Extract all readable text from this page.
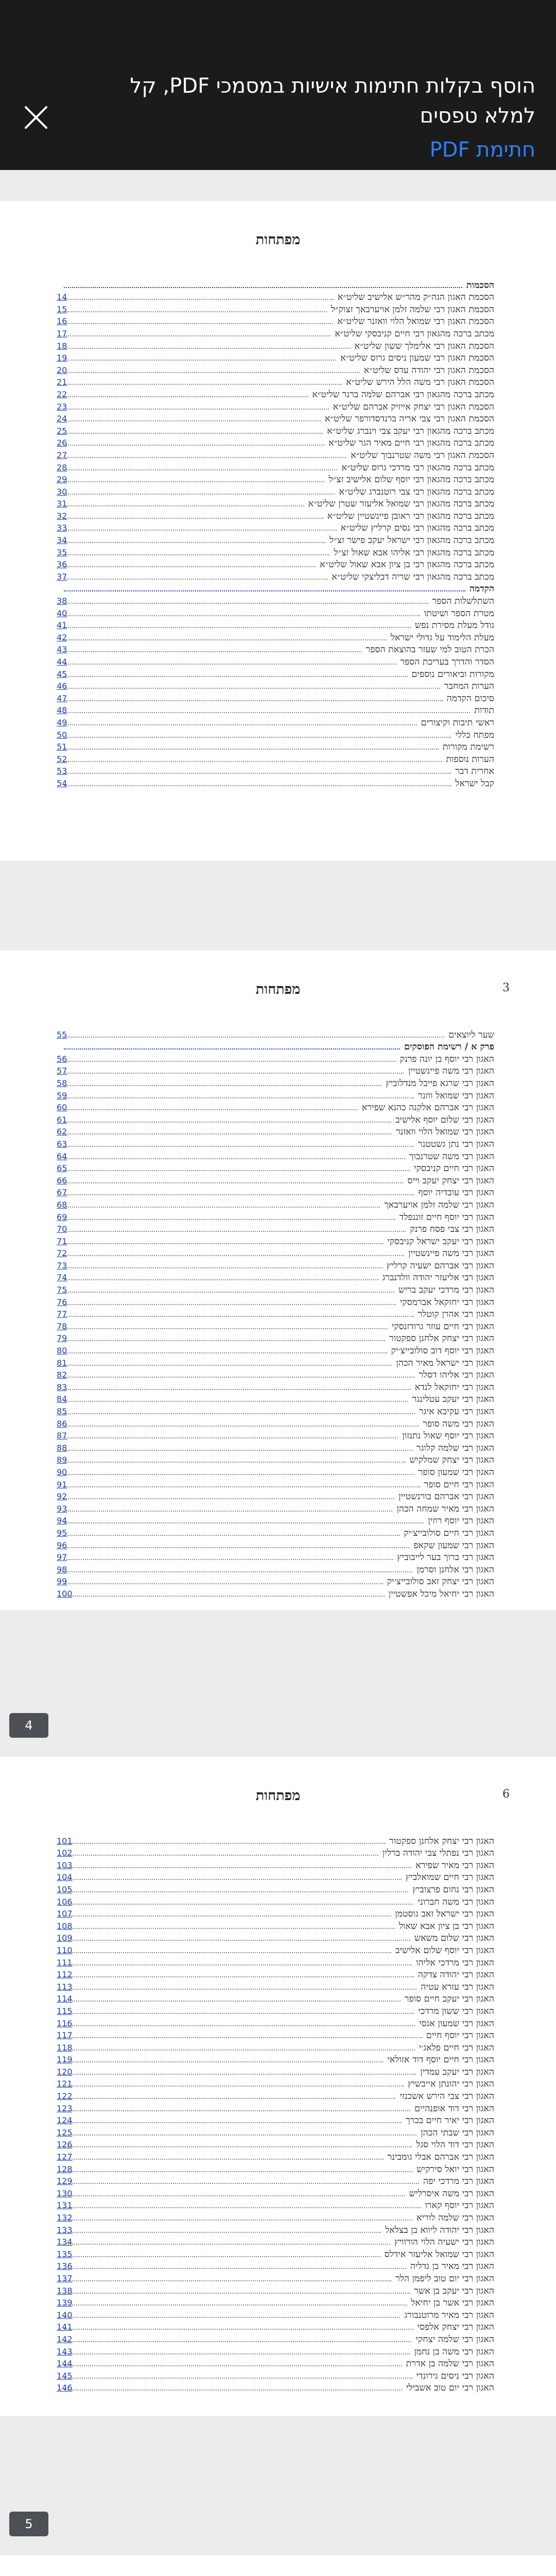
הוסף בקלות חתימות אישיות במסמכי PDF, קל למלא טפסים
חתימת PDF
מפתחות
הסכמות
הסכמת האגון הגה״ק מהר״ש אלישיב שליט״א
14
הסכמת האגון רבי שלמה זלמן אויערבאך זצוק״ל
15
הסכמת האגון רבי שמואל הלוי וואזנר שליט״א
16
מכתב ברכה מהגאון רבי חיים קניבסקי שליט״א
17
הסכמת האגון רבי אלימלך ששון שליט״א
18
הסכמת האגון רבי שמעון ניסים גרוס שליט״א
19
הסכמת האגון רבי יהודה עדס שליט״א
20
הסכמת האגון רבי משה הלל הירש שליט״א
21
מכתב ברכה מהגאון רבי אברהם שלמה ברנר שליט״א
22
הסכמת האגון רבי יצחק אייזיק אברהם שליט״א
23
הסכמת האגון רבי צבי אריה ברנדסדורפר שליט״א
24
מכתב ברכה מהגאון רבי יעקב צבי וינברג שליט״א
25
מכתב ברכה מהגאון רבי חיים מאיר הגר שליט״א
26
הסכמת האגון רבי משה שטרנבוך שליט״א
27
מכתב ברכה מהגאון רבי מרדכי גרוס שליט״א
28
מכתב ברכה מהגאון רבי יוסף שלום אלישיב זצ״ל
29
מכתב ברכה מהגאון רבי צבי רוטנברג שליט״א
30
מכתב ברכה מהגאון רבי שמואל אליעזר שטרן שליט״א
31
מכתב ברכה מהגאון רבי ראובן פיינשטיין שליט״א
32
מכתב ברכה מהגאון רבי נסים קרליץ שליט״א
33
מכתב ברכה מהגאון רבי ישראל יעקב פישר זצ״ל
34
מכתב ברכה מהגאון רבי אליהו אבא שאול זצ״ל
35
מכתב ברכה מהגאון רבי בן ציון אבא שאול שליט״א
36
מכתב ברכה מהגאון רבי שריה דבליצקי שליט״א
37
הקדמה
השתלשלות הספר
38
מטרת הספר ושיטתו
40
גודל מעלת מסירת נפש
41
מעלת הלימוד על גדולי ישראל
42
הכרת הטוב למי שעזר בהוצאת הספר
43
הסדר והדרך בעריכת הספר
44
מקורות וביאורים נוספים
45
הערות המחבר
46
סיכום הקדמה
47
תודות
48
ראשי תיבות וקיצורים
49
מפתח כללי
50
רשימת מקורות
51
הערות נוספות
52
אחרית דבר
53
קבל ישראל
54
מפתחות	3
שער ליוצאים
55
פרק א / רשימת הפוסקים
האגון רבי יוסף בן יונה פרנק
56
האגון רבי משה פיינשטיין
57
האגון רבי שרגא פייבל מנדלוביץ
58
האגון רבי שמואל ווזנר
59
האגון רבי אברהם אלקנה כהנא שפירא
60
האגון רבי שלום יוסף אלישיב
61
האגון רבי שמואל הלוי וואזנר
62
האגון רבי נתן גשטטנר
63
האגון רבי משה שטרנבוך
64
האגון רבי חיים קניבסקי
65
האגון רבי יצחק יעקב וייס
66
האגון רבי עובדיה יוסף
67
האגון רבי שלמה זלמן אויערבאך
68
האגון רבי יוסף חיים זוננפלד
69
האגון רבי צבי פסח פרנק
70
האגון רבי יעקב ישראל קניבסקי
71
האגון רבי משה פיינשטיין
72
האגון רבי אברהם ישעיה קרליץ
73
האגון רבי אליעזר יהודה וולדנברג
74
האגון רבי מרדכי יעקב בריש
75
האגון רבי יחזקאל אברמסקי
76
האגון רבי אהרן קוטלר
77
האגון רבי חיים עוזר גרודזנסקי
78
האגון רבי יצחק אלחנן ספקטור
79
האגון רבי יוסף דוב סולובייצ׳יק
80
האגון רבי ישראל מאיר הכהן
81
האגון רבי אליהו דסלר
82
האגון רבי יחזקאל לנדא
83
האגון רבי יעקב עטלינגר
84
האגון רבי עקיבא איגר
85
האגון רבי משה סופר
86
האגון רבי יוסף שאול נתנזון
87
האגון רבי שלמה קלוגר
88
האגון רבי יצחק שמלקיש
89
האגון רבי שמעון סופר
90
האגון רבי חיים סופר
91
האגון רבי אברהם בורנשטיין
92
האגון רבי מאיר שמחה הכהן
93
האגון רבי יוסף רוזין
94
האגון רבי חיים סולובייצ׳יק
95
האגון רבי שמעון שקאפ
96
האגון רבי ברוך בער לייבוביץ
97
האגון רבי אלחנן וסרמן
98
האגון רבי יצחק זאב סולובייצ׳יק
99
האגון רבי יחיאל מיכל אפשטיין
100
4
מפתחות	6
האגון רבי יצחק אלחנן ספקטור
101
האגון רבי נפתלי צבי יהודה ברלין
102
האגון רבי מאיר שפירא
103
האגון רבי חיים שמואלביץ
104
האגון רבי נחום פרצוביץ
105
האגון רבי משה חברוני
106
האגון רבי ישראל זאב גוסטמן
107
האגון רבי בן ציון אבא שאול
108
האגון רבי שלום משאש
109
האגון רבי יוסף שלום אלישיב
110
האגון רבי מרדכי אליהו
111
האגון רבי יהודה צדקה
112
האגון רבי עזרא עטיה
113
האגון רבי יעקב חיים סופר
114
האגון רבי ששון מרדכי
115
האגון רבי שמעון אגסי
116
האגון רבי יוסף חיים
117
האגון רבי חיים פלאג׳י
118
האגון רבי חיים יוסף דוד אזולאי
119
האגון רבי יעקב עמדין
120
האגון רבי יהונתן אייבשיץ
121
האגון רבי צבי הירש אשכנזי
122
האגון רבי דוד אופנהיים
123
האגון רבי יאיר חיים בכרך
124
האגון רבי שבתי הכהן
125
האגון רבי דוד הלוי סגל
126
האגון רבי אברהם אבלי גומבינר
127
האגון רבי יואל סירקיש
128
האגון רבי מרדכי יפה
129
האגון רבי משה איסרליש
130
האגון רבי יוסף קארו
131
האגון רבי שלמה לוריא
132
האגון רבי יהודה ליווא בן בצלאל
133
האגון רבי ישעיה הלוי הורוויץ
134
האגון רבי שמואל אליעזר אידלס
135
האגון רבי מאיר בן גדליה
136
האגון רבי יום טוב ליפמן הלר
137
האגון רבי יעקב בן אשר
138
האגון רבי אשר בן יחיאל
139
האגון רבי מאיר מרוטנבורג
140
האגון רבי יצחק אלפסי
141
האגון רבי שלמה יצחקי
142
האגון רבי משה בן נחמן
143
האגון רבי שלמה בן אדרת
144
האגון רבי ניסים גירונדי
145
האגון רבי יום טוב אשבילי
146
5
